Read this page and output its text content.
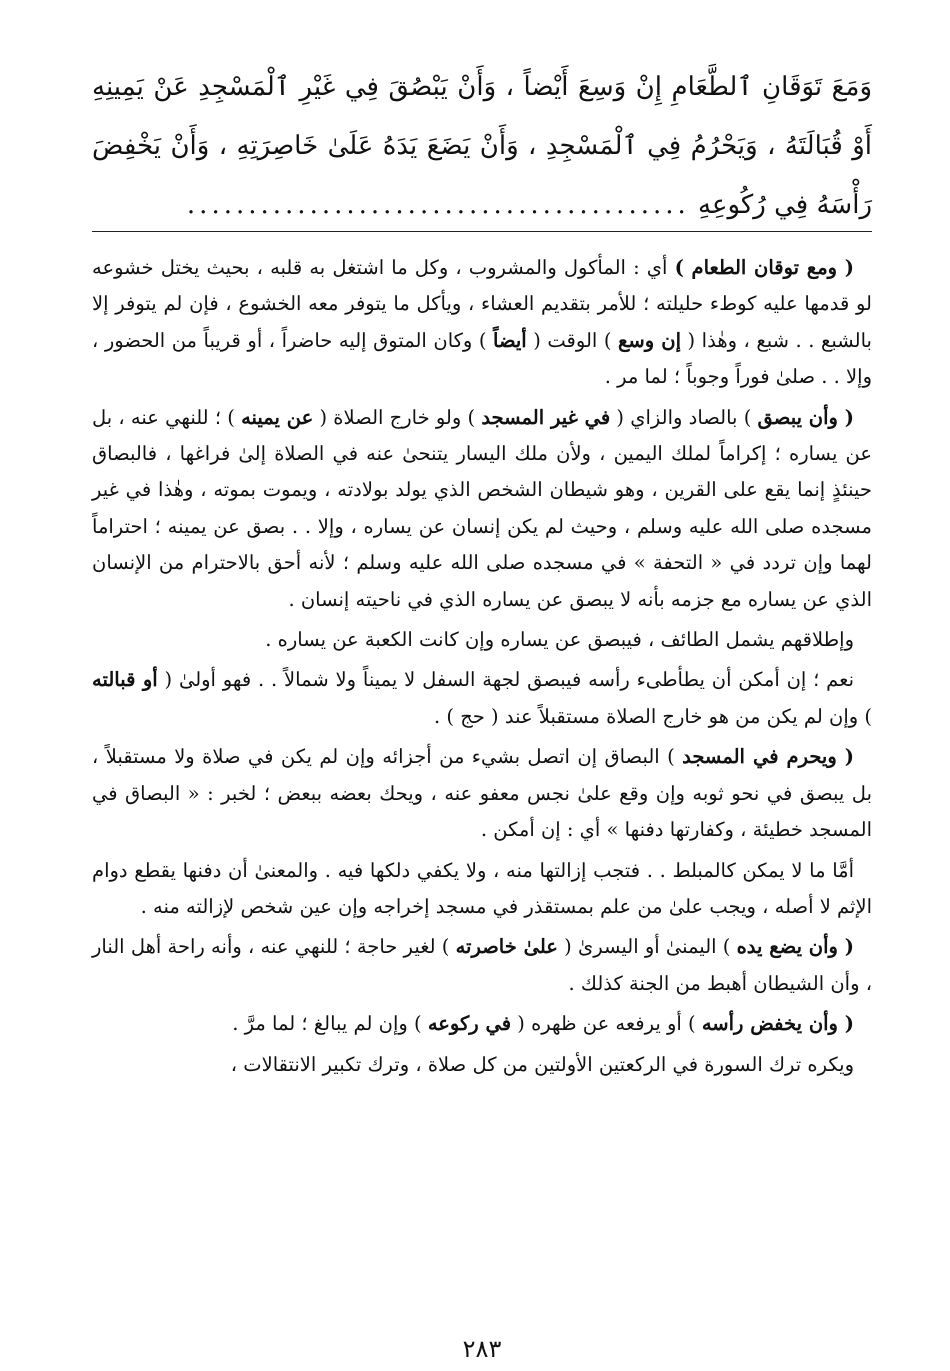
وَمَعَ تَوَقَانِ ٱلطَّعَامِ إِنْ وَسِعَ أَيْضاً ، وَأَنْ يَبْصُقَ فِي غَيْرِ ٱلْمَسْجِدِ عَنْ يَمِينِهِ أَوْ قُبَالَتَهُ ، وَيَحْرُمُ فِي ٱلْمَسْجِدِ ، وَأَنْ يَضَعَ يَدَهُ عَلَىٰ خَاصِرَتِهِ ، وَأَنْ يَخْفِضَ رَأْسَهُ فِي رُكُوعِهِ .........................................

( ومع توقان الطعام ) أي : المأكول والمشروب ، وكل ما اشتغل به قلبه ، بحيث يختل خشوعه لو قدمها عليه كوطء حليلته ؛ للأمر بتقديم العشاء ، ويأكل ما يتوفر معه الخشوع ، فإن لم يتوفر إلا بالشبع . . شبع ، وهٰذا ( إن وسع ) الوقت ( أيضاً ) وكان المتوق إليه حاضراً ، أو قريباً من الحضور ، وإلا . . صلىٰ فوراً وجوباً ؛ لما مر .

( وأن يبصق ) بالصاد والزاي ( في غير المسجد ) ولو خارج الصلاة ( عن يمينه ) ؛ للنهي عنه ، بل عن يساره ؛ إكراماً لملك اليمين ، ولأن ملك اليسار يتنحىٰ عنه في الصلاة إلىٰ فراغها ، فالبصاق حينئذٍ إنما يقع على القرين ، وهو شيطان الشخص الذي يولد بولادته ، ويموت بموته ، وهٰذا في غير مسجده صلى الله عليه وسلم ، وحيث لم يكن إنسان عن يساره ، وإلا . . بصق عن يمينه ؛ احتراماً لهما وإن تردد في « التحفة » في مسجده صلى الله عليه وسلم ؛ لأنه أحق بالاحترام من الإنسان الذي عن يساره مع جزمه بأنه لا يبصق عن يساره الذي في ناحيته إنسان .

وإطلاقهم يشمل الطائف ، فيبصق عن يساره وإن كانت الكعبة عن يساره .

نعم ؛ إن أمكن أن يطأطىء رأسه فيبصق لجهة السفل لا يميناً ولا شمالاً . . فهو أولىٰ ( أو قبالته ) وإن لم يكن من هو خارج الصلاة مستقبلاً عند ( حج ) .

( ويحرم في المسجد ) البصاق إن اتصل بشيء من أجزائه وإن لم يكن في صلاة ولا مستقبلاً ، بل يبصق في نحو ثوبه وإن وقع علىٰ نجس معفو عنه ، ويحك بعضه ببعض ؛ لخبر : « البصاق في المسجد خطيئة ، وكفارتها دفنها » أي : إن أمكن .

أمَّا ما لا يمكن كالمبلط . . فتجب إزالتها منه ، ولا يكفي دلكها فيه . والمعنىٰ أن دفنها يقطع دوام الإثم لا أصله ، ويجب علىٰ من علم بمستقذر في مسجد إخراجه وإن عين شخص لإزالته منه .

( وأن يضع يده ) اليمنىٰ أو اليسرىٰ ( علىٰ خاصرته ) لغير حاجة ؛ للنهي عنه ، وأنه راحة أهل النار ، وأن الشيطان أهبط من الجنة كذلك .

( وأن يخفض رأسه ) أو يرفعه عن ظهره ( في ركوعه ) وإن لم يبالغ ؛ لما مرَّ .

ويكره ترك السورة في الركعتين الأولتين من كل صلاة ، وترك تكبير الانتقالات ،

٢٨٣
